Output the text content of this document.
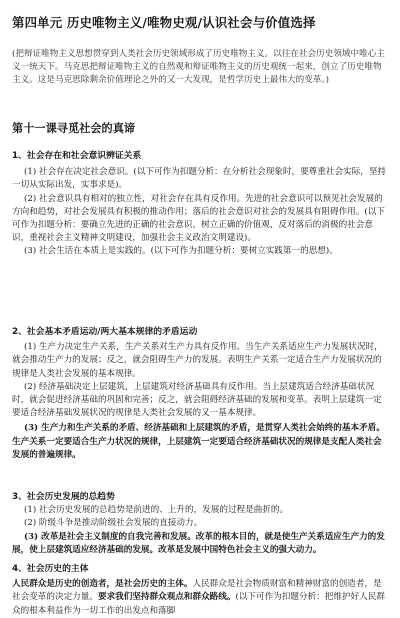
第四单元 历史唯物主义/唯物史观/认识社会与价值选择

(把辩证唯物主义思想贯穿到人类社会历史领域形成了历史唯物主义。以往在社会历史领域中唯心主义一统天下。马克思把辩证唯物主义的自然观和辩证唯物主义的历史观统一起来，创立了历史唯物主义。这是马克思除剩余价值理论之外的又一大发现，是哲学历史上最伟大的变革。)

第十一课寻觅社会的真谛
1、社会存在和社会意识辨证关系

(1) 社会存在决定社会意识。(以下可作为扣题分析：在分析社会现象时，要尊重社会实际，坚持一切从实际出发，实事求是)。

(2) 社会意识具有相对的独立性，对社会存在具有反作用。先进的社会意识可以预见社会发展的方向和趋势，对社会发展具有积极的推动作用；落后的社会意识对社会的发展具有阻碍作用。(以下可作为扣题分析：要确立先进的正确的社会意识，树立正确的价值观，反对落后的消极的社会意识，重视社会主义精神文明建设，加强社会主义政治文明建设)。

(3) 社会生活在本质上是实践的。(以下可作为扣题分析：要树立实践第一的思想)。

2、社会基本矛盾运动/两大基本规律的矛盾运动

(1) 生产力决定生产关系，生产关系对生产力具有反作用。当生产关系适应生产力发展状况时，就会推动生产力的发展；反之，就会阻碍生产力的发展。表明生产关系一定适合生产力发展状况的规律是人类社会发展的基本规律。

(2) 经济基础决定上层建筑，上层建筑对经济基础具有反作用。当上层建筑适合经济基础状况时，就会促进经济基础的巩固和完善；反之，就会阻碍经济基础的发展和变革。表明上层建筑一定要适合经济基础发展状况的规律是人类社会发展的又一基本规律。

(3) 生产力和生产关系的矛盾、经济基础和上层建筑的矛盾，是贯穿人类社会始终的基本矛盾。生产关系一定要适合生产力状况的规律，上层建筑一定要适合经济基础状况的规律是支配人类社会发展的普遍规律。

3、社会历史发展的总趋势

(1) 社会历史发展的总趋势是前进的、上升的，发展的过程是曲折的。

(2) 阶级斗争是推动阶级社会发展的直接动力。

(3) 改革是社会主义制度的自我完善和发展。改革的根本目的，就是使生产关系适应生产力的发展，使上层建筑适应经济基础的发展。改革是发展中国特色社会主义的强大动力。

4、社会历史的主体

人民群众是历史的创造者，是社会历史的主体。人民群众是社会物质财富和精神财富的创造者，是社会变革的决定力量。要求我们坚持群众观点和群众路线。(以下可作为扣题分析：把维护好人民群众的根本利益作为一切工作的出发点和落脚
